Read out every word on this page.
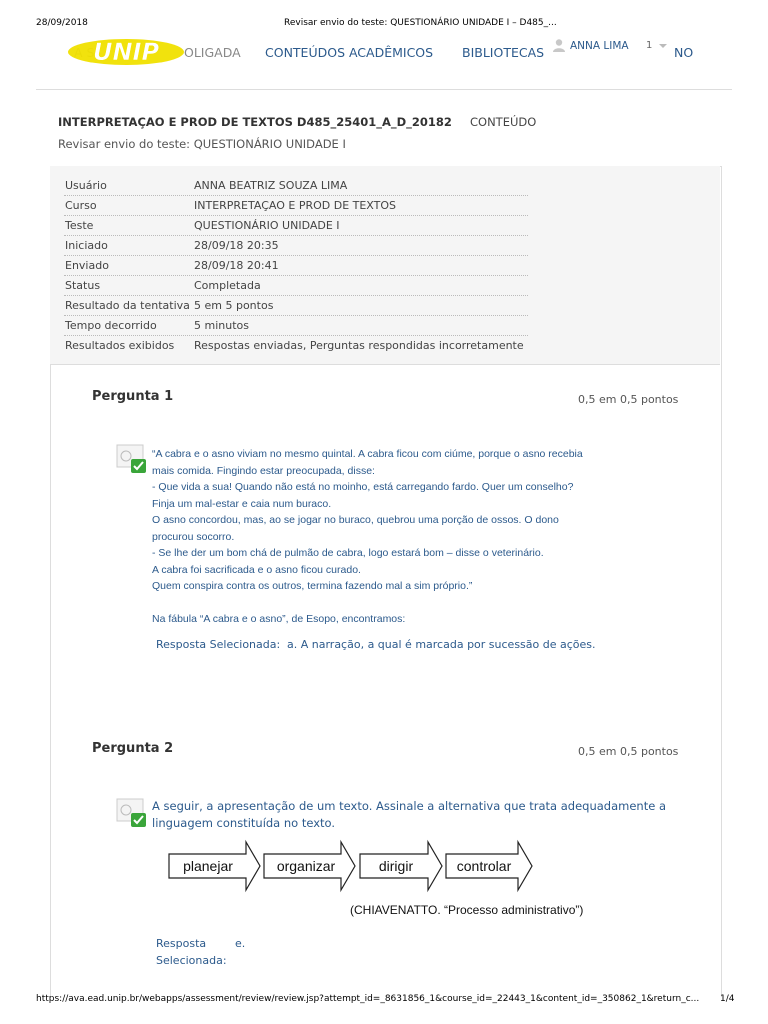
28/09/2018	Revisar envio do teste: QUESTIONÁRIO UNIDADE I – D485_...
OLIGADA
UNIP	CONTEÚDOS ACADÊMICOS BIBLIOTECAS ANNA LIMA 1 NO
INTERPRETAÇAO E PROD DE TEXTOS D485_25401_A_D_20182 CONTEÚDO
Revisar envio do teste: QUESTIONÁRIO UNIDADE I
Usuário	ANNA BEATRIZ SOUZA LIMA
Curso	INTERPRETAÇAO E PROD DE TEXTOS
Teste	QUESTIONÁRIO UNIDADE I
Iniciado	28/09/18 20:35
Enviado	28/09/18 20:41
Status	Completada
Resultado da tentativa 5 em 5 pontos
Tempo decorrido	5 minutos
Resultados exibidos Respostas enviadas, Perguntas respondidas incorretamente
Pergunta 1	0,5 em 0,5 pontos
“A cabra e o asno viviam no mesmo quintal. A cabra ficou com ciúme, porque o asno recebia
mais comida. Fingindo estar preocupada, disse:
- Que vida a sua! Quando não está no moinho, está carregando fardo. Quer um conselho?
Finja um mal-estar e caia num buraco.
O asno concordou, mas, ao se jogar no buraco, quebrou uma porção de ossos. O dono
procurou socorro.
- Se lhe der um bom chá de pulmão de cabra, logo estará bom – disse o veterinário.
A cabra foi sacrificada e o asno ficou curado.
Quem conspira contra os outros, termina fazendo mal a sim próprio.”
Na fábula “A cabra e o asno”, de Esopo, encontramos:
Resposta Selecionada: a. A narração, a qual é marcada por sucessão de ações.
Pergunta 2	0,5 em 0,5 pontos
A seguir, a apresentação de um texto. Assinale a alternativa que trata adequadamente a linguagem constituída no texto.
planejar	organizar	dirigir	controlar
(CHIAVENATTO. “Processo administrativo”)
Resposta
Selecionada:
e.
https://ava.ead.unip.br/webapps/assessment/review/review.jsp?attempt_id=_8631856_1&course_id=_22443_1&content_id=_350862_1&return_c...	1/4
